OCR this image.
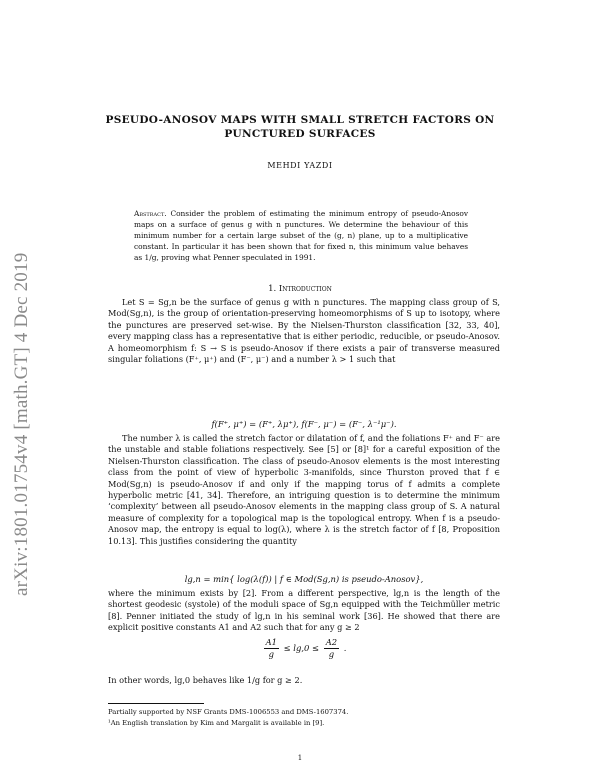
arXiv:1801.01754v4 [math.GT] 4 Dec 2019
PSEUDO-ANOSOV MAPS WITH SMALL STRETCH FACTORS ON
PUNCTURED SURFACES
MEHDI YAZDI
Abstract. Consider the problem of estimating the minimum entropy of pseudo-Anosov maps on a surface of genus g with n punctures. We determine the behaviour of this minimum number for a certain large subset of the (g, n) plane, up to a multiplicative constant. In particular it has been shown that for fixed n, this minimum value behaves as 1/g, proving what Penner speculated in 1991.
1. Introduction
Let S = Sg,n be the surface of genus g with n punctures. The mapping class group of S, Mod(Sg,n), is the group of orientation-preserving homeomorphisms of S up to isotopy, where the punctures are preserved set-wise. By the Nielsen-Thurston classification [32, 33, 40], every mapping class has a representative that is either periodic, reducible, or pseudo-Anosov. A homeomorphism f: S → S is pseudo-Anosov if there exists a pair of transverse measured singular foliations (F⁺, μ⁺) and (F⁻, μ⁻) and a number λ > 1 such that
f(F⁺, μ⁺) = (F⁺, λμ⁺), f(F⁻, μ⁻) = (F⁻, λ⁻¹μ⁻).
The number λ is called the stretch factor or dilatation of f, and the foliations F⁺ and F⁻ are the unstable and stable foliations respectively. See [5] or [8]¹ for a careful exposition of the Nielsen-Thurston classification. The class of pseudo-Anosov elements is the most interesting class from the point of view of hyperbolic 3-manifolds, since Thurston proved that f ∈ Mod(Sg,n) is pseudo-Anosov if and only if the mapping torus of f admits a complete hyperbolic metric [41, 34]. Therefore, an intriguing question is to determine the minimum ‘complexity’ between all pseudo-Anosov elements in the mapping class group of S. A natural measure of complexity for a topological map is the topological entropy. When f is a pseudo-Anosov map, the entropy is equal to log(λ), where λ is the stretch factor of f [8, Proposition 10.13]. This justifies considering the quantity
lg,n = min{ log(λ(f)) | f ∈ Mod(Sg,n) is pseudo-Anosov},
where the minimum exists by [2]. From a different perspective, lg,n is the length of the shortest geodesic (systole) of the moduli space of Sg,n equipped with the Teichmüller metric [8]. Penner initiated the study of lg,n in his seminal work [36]. He showed that there are explicit positive constants A1 and A2 such that for any g ≥ 2
$\frac{A1}{g} \le \lg,0 \le \frac{A2}{g}$ .
In other words, lg,0 behaves like 1/g for g ≥ 2.
Partially supported by NSF Grants DMS-1006553 and DMS-1607374.
¹An English translation by Kim and Margalit is available in [9].
1
